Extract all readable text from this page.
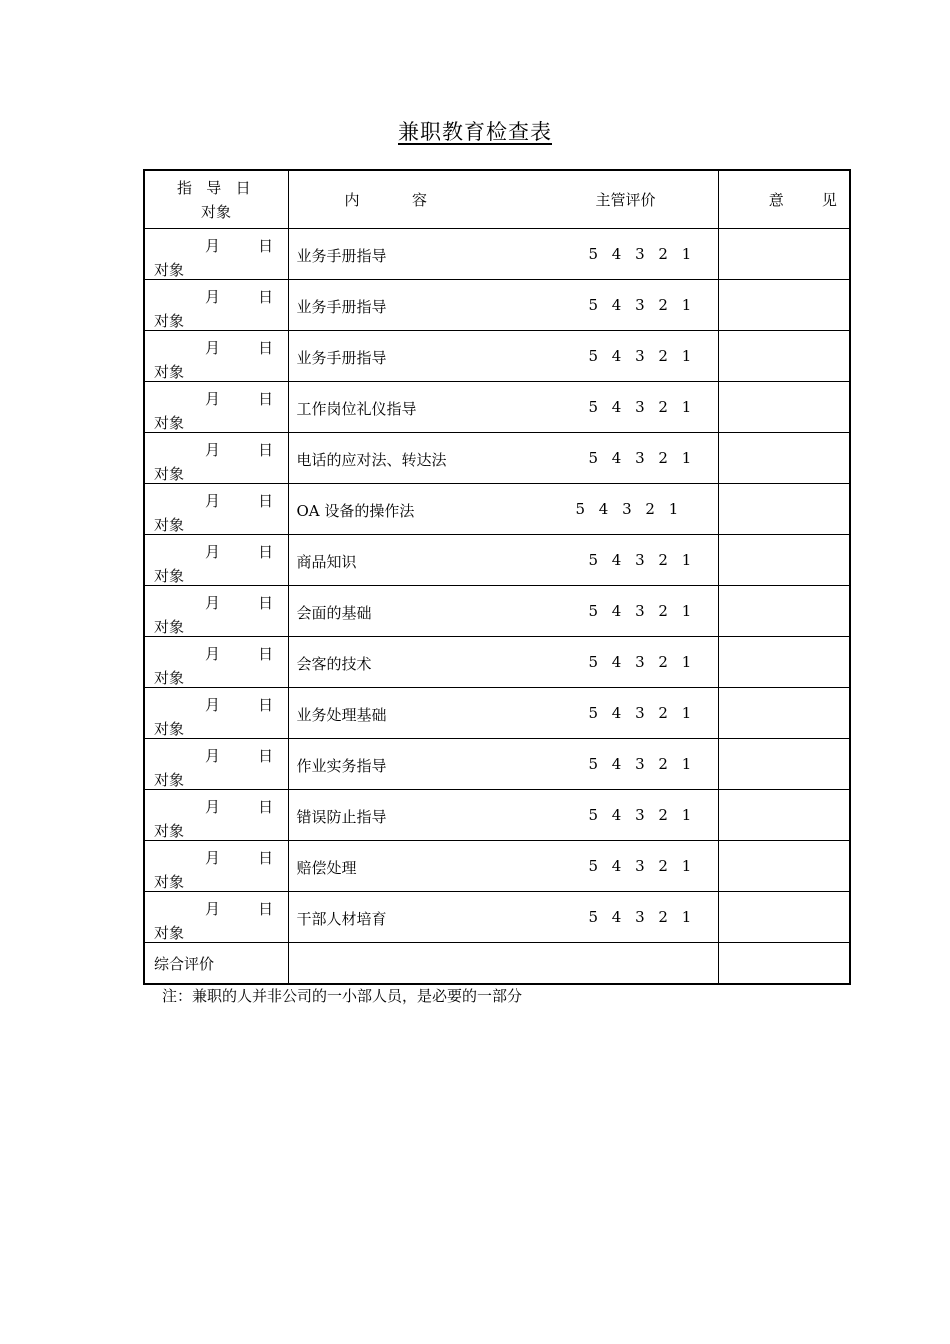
兼职教育检查表
指   导   日
对象	内           容 主管评价	意        见

月        日
对象	业务手册指导 5 4 3 2 1	

月        日
对象	业务手册指导 5 4 3 2 1	

月        日
对象	业务手册指导 5 4 3 2 1	

月        日
对象	工作岗位礼仪指导 5 4 3 2 1	

月        日
对象	电话的应对法、转达法 5 4 3 2 1	

月        日
对象	OA 设备的操作法 5 4 3 2 1	

月        日
对象	商品知识 5 4 3 2 1	

月        日
对象	会面的基础 5 4 3 2 1	

月        日
对象	会客的技术 5 4 3 2 1	

月        日
对象	业务处理基础 5 4 3 2 1	

月        日
对象	作业实务指导 5 4 3 2 1	

月        日
对象	错误防止指导 5 4 3 2 1	

月        日
对象	赔偿处理 5 4 3 2 1	

月        日
对象	干部人材培育 5 4 3 2 1	

综合评价		
注：兼职的人并非公司的一小部人员，是必要的一部分
